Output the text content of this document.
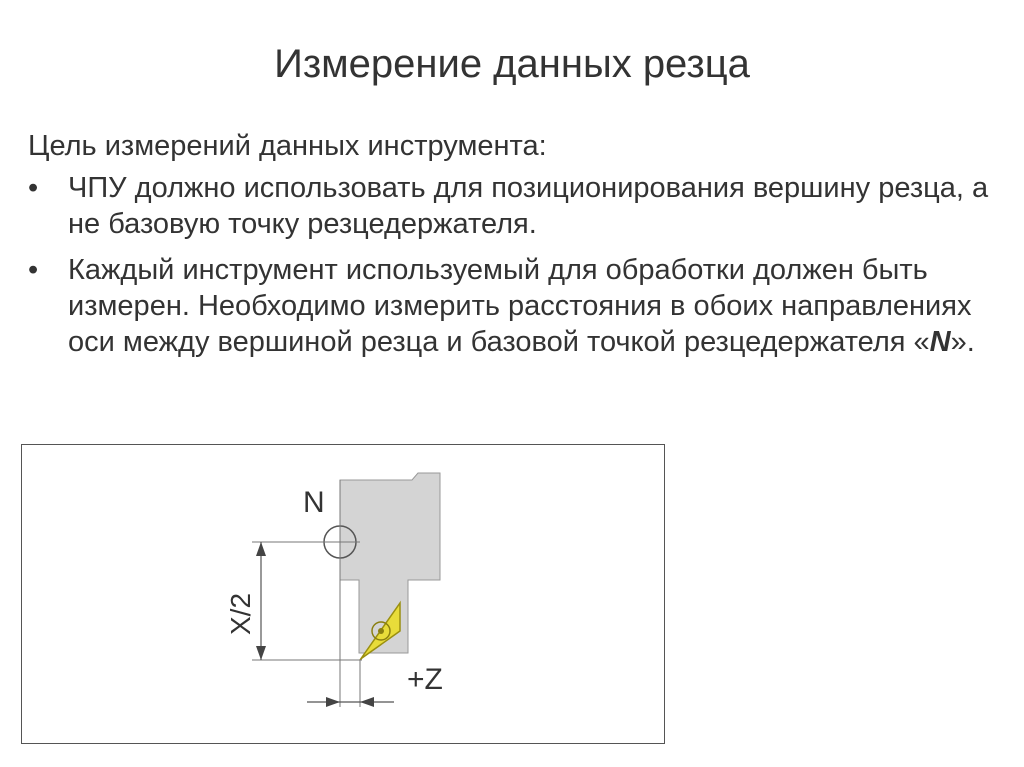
Измерение данных резца

Цель измерений данных инструмента:

• ЧПУ должно использовать для позиционирования вершину резца, а не базовую точку резцедержателя.
• Каждый инструмент используемый для обработки должен быть измерен. Необходимо измерить расстояния в обоих направлениях оси между вершиной резца и базовой точкой резцедержателя «N».
N
X/2
+Z
